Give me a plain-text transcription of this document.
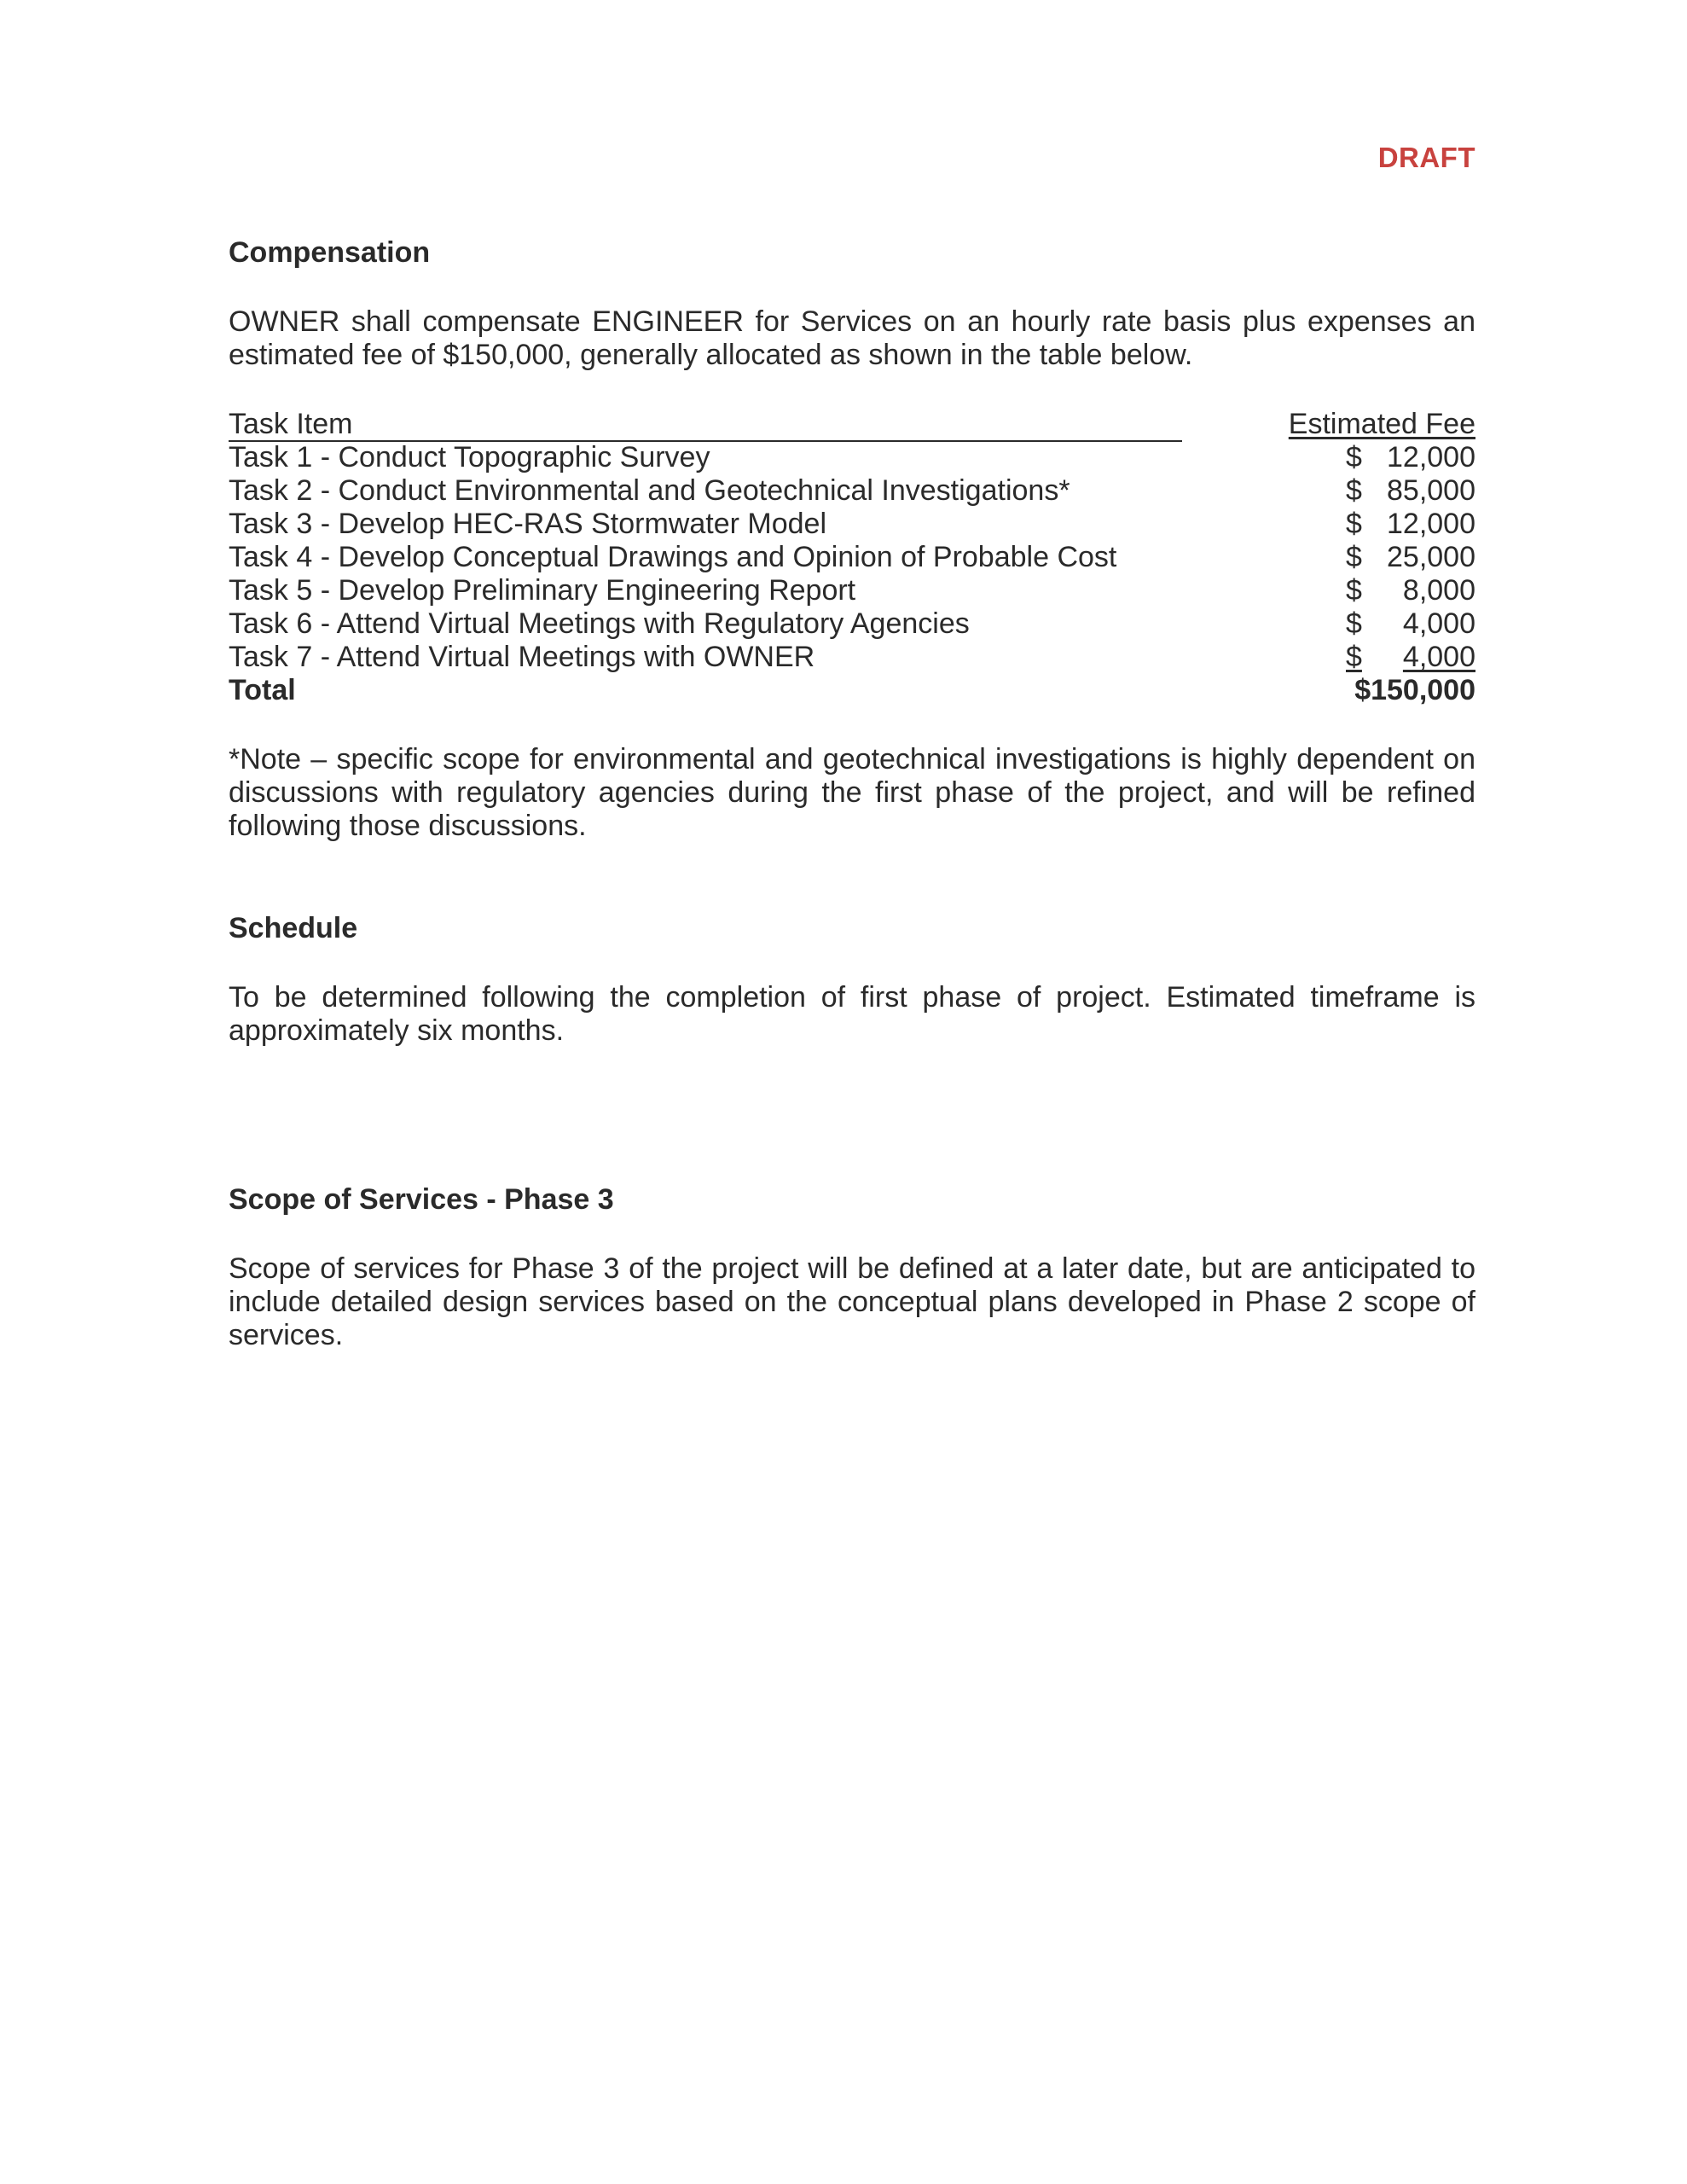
DRAFT
Compensation

OWNER shall compensate ENGINEER for Services on an hourly rate basis plus expenses an estimated fee of $150,000, generally allocated as shown in the table below.

Task Item	Estimated Fee
Task 1 - Conduct Topographic Survey	$ 12,000
Task 2 - Conduct Environmental and Geotechnical Investigations*	$ 85,000
Task 3 - Develop HEC-RAS Stormwater Model	$ 12,000
Task 4 - Develop Conceptual Drawings and Opinion of Probable Cost	$ 25,000
Task 5 - Develop Preliminary Engineering Report	$ 8,000
Task 6 - Attend Virtual Meetings with Regulatory Agencies	$ 4,000
Task 7 - Attend Virtual Meetings with OWNER	$ 4,000
Total	$150,000

*Note – specific scope for environmental and geotechnical investigations is highly dependent on discussions with regulatory agencies during the first phase of the project, and will be refined following those discussions.

Schedule

To be determined following the completion of first phase of project. Estimated timeframe is approximately six months.

Scope of Services - Phase 3

Scope of services for Phase 3 of the project will be defined at a later date, but are anticipated to include detailed design services based on the conceptual plans developed in Phase 2 scope of services.
